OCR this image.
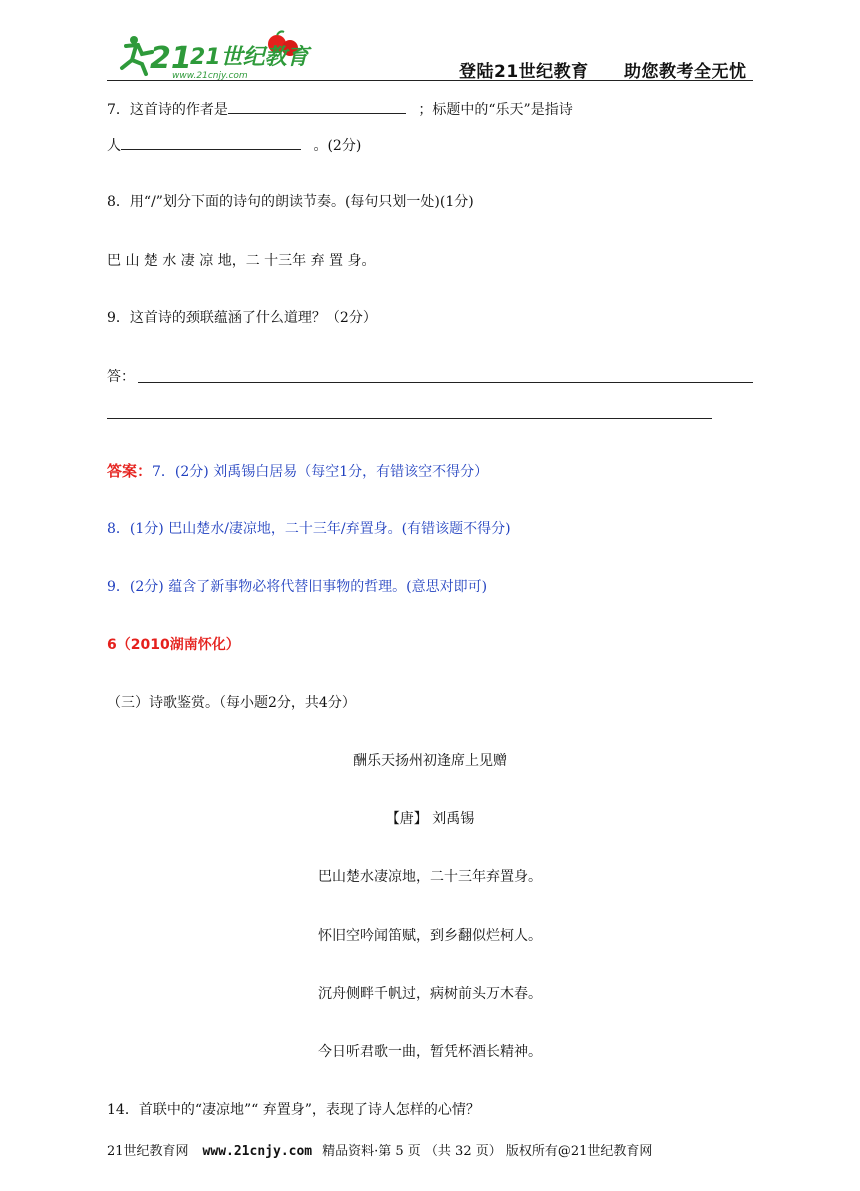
21
21世纪教育
www.21cnjy.com	登陆21世纪教育 助您教考全无忧
7．这首诗的作者是	；标题中的“乐天”是指诗
人	。(2分)
8．用“/”划分下面的诗句的朗读节奏。(每句只划一处)(1分)
巴 山 楚 水 凄 凉 地，二 十三年 弃 置 身。
9．这首诗的颈联蕴涵了什么道理？（2分）
答：
答案：7．(2分) 刘禹锡白居易（每空1分，有错该空不得分）
8．(1分) 巴山楚水/凄凉地，二十三年/弃置身。(有错该题不得分)
9．(2分) 蕴含了新事物必将代替旧事物的哲理。(意思对即可)
6（2010湖南怀化）
（三）诗歌鉴赏。（每小题2分，共4分）
酬乐天扬州初逢席上见赠
【唐】 刘禹锡
巴山楚水凄凉地，二十三年弃置身。
怀旧空吟闻笛赋，到乡翻似烂柯人。
沉舟侧畔千帆过，病树前头万木春。
今日听君歌一曲，暂凭杯酒长精神。
14．首联中的“凄凉地”“ 弃置身”，表现了诗人怎样的心情？
21世纪教育网 www.21cnjy.com 精品资料·第 5 页 （共 32 页） 版权所有@21世纪教育网
